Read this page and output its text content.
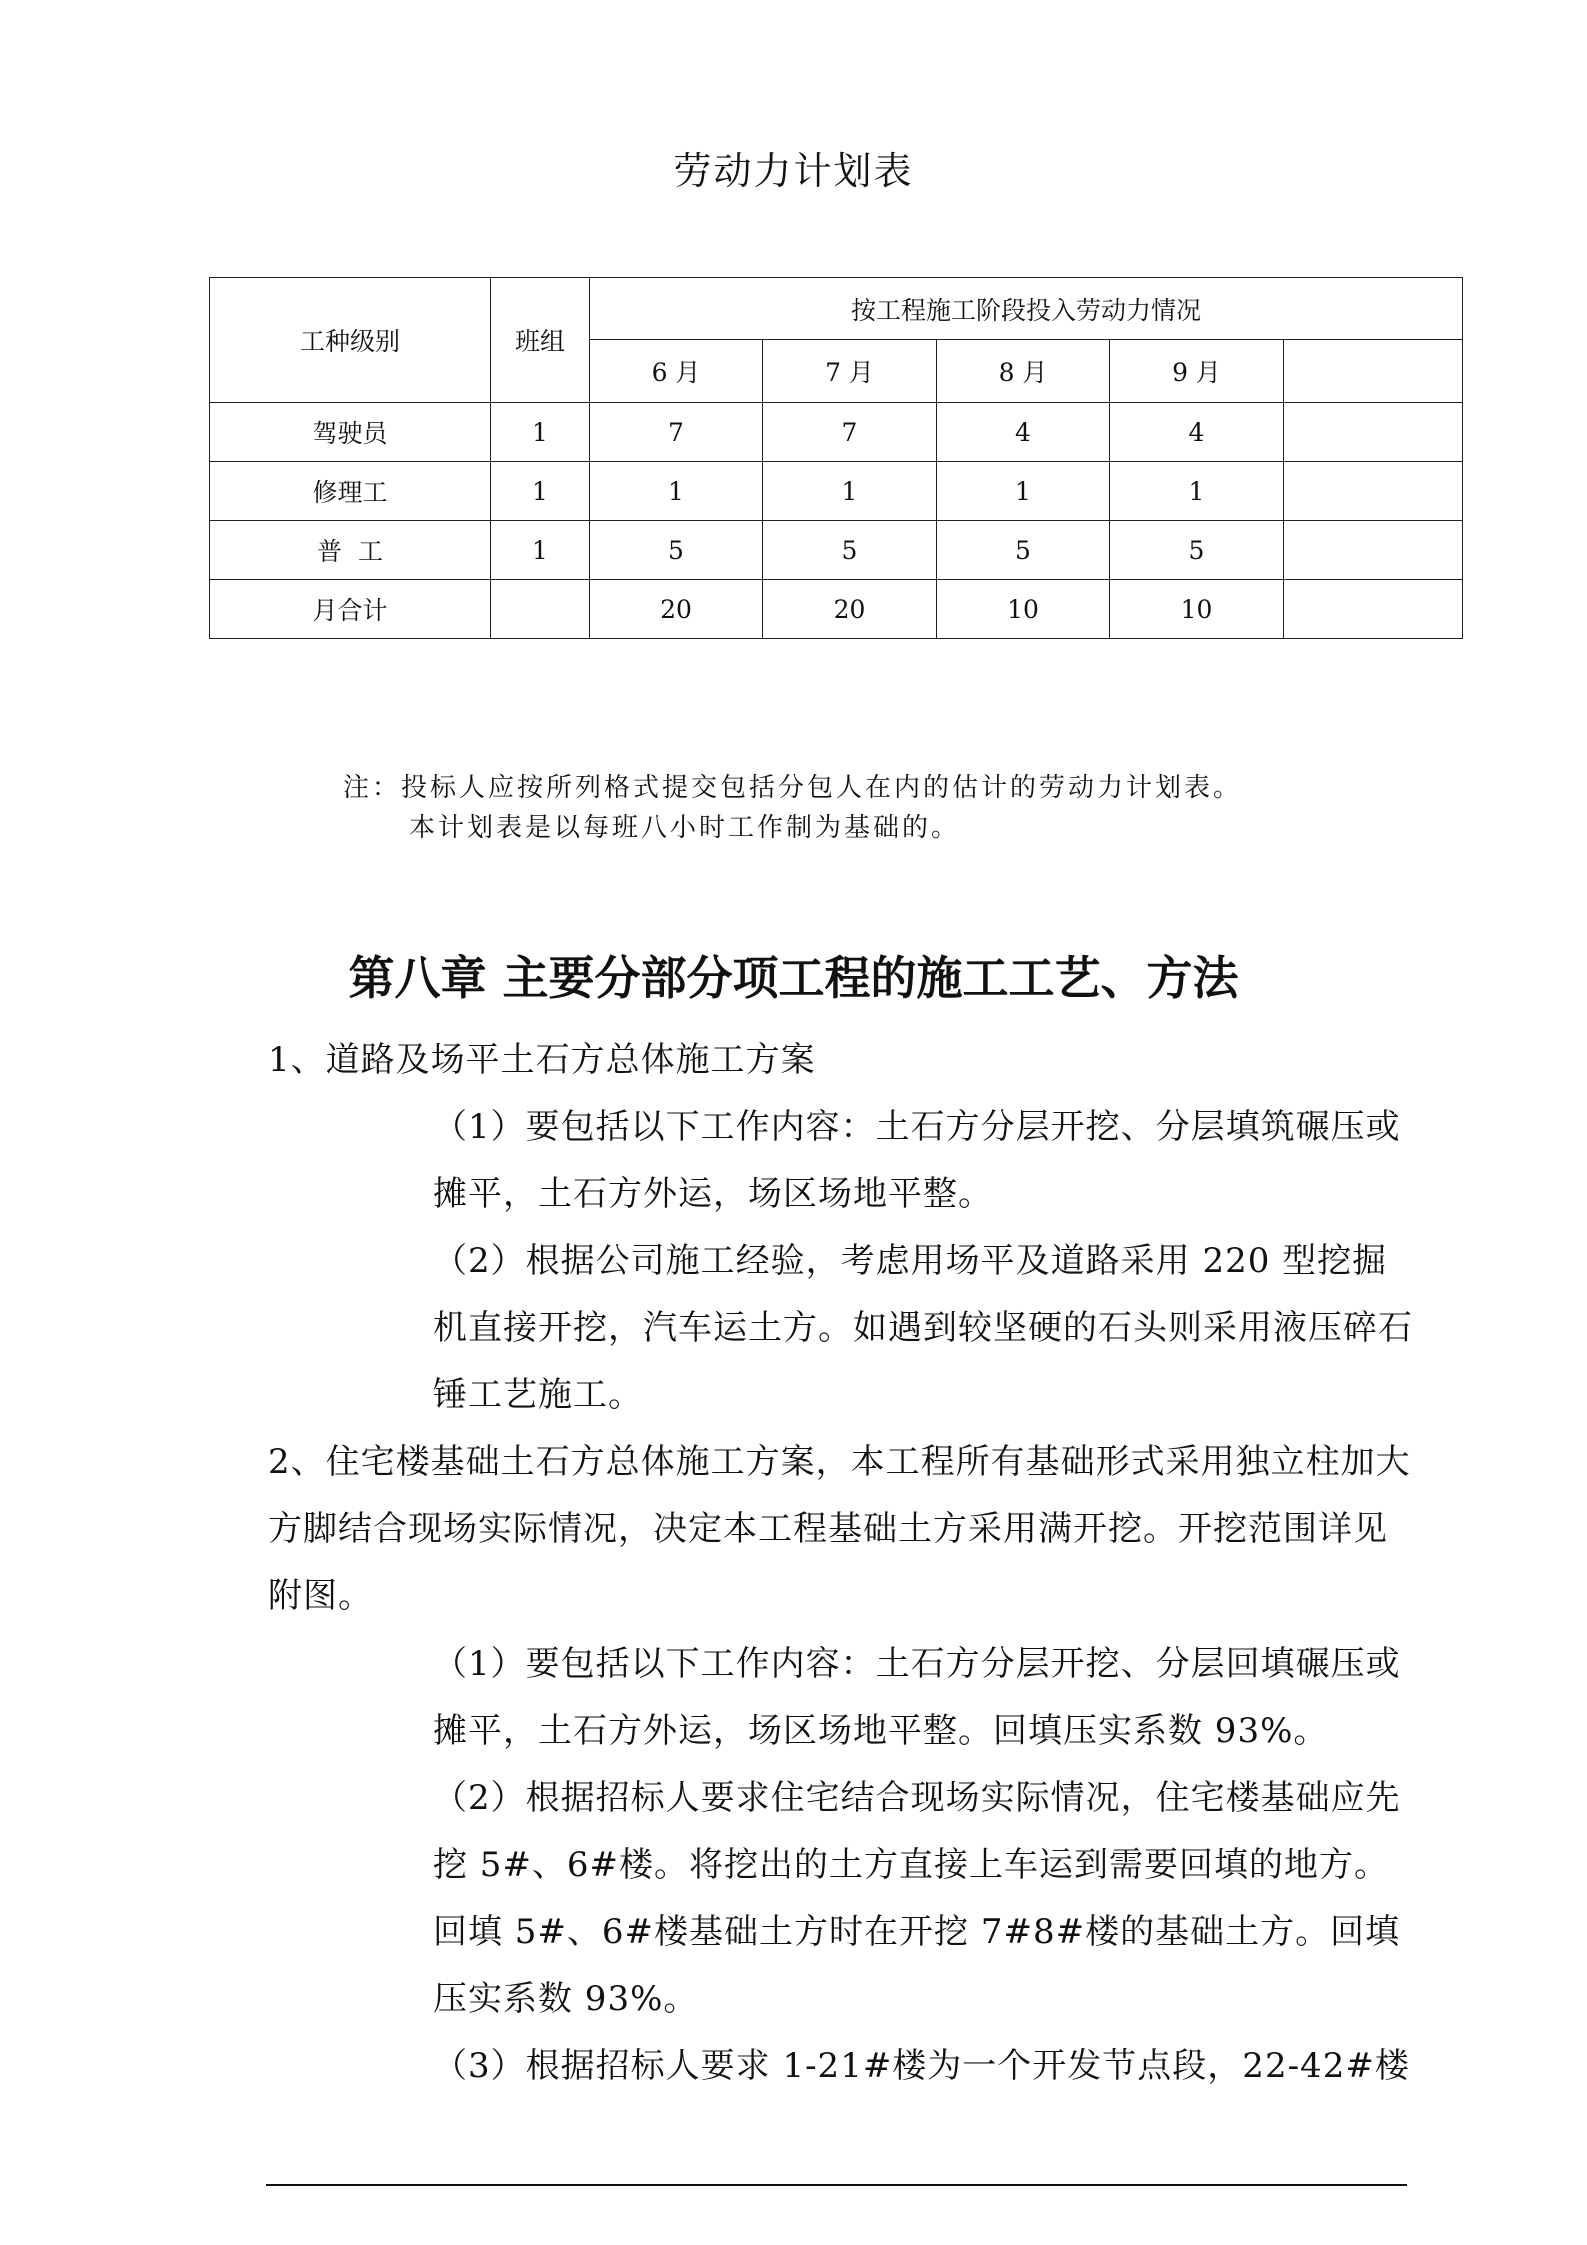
劳动力计划表
工种级别	班组	按工程施工阶段投入劳动力情况				
		6 月	7 月	8 月	9 月	
驾驶员	1	7	7	4	4	
修理工	1	1	1	1	1	
普  工	1	5	5	5	5	
月合计		20	20	10	10	
注：投标人应按所列格式提交包括分包人在内的估计的劳动力计划表。
本计划表是以每班八小时工作制为基础的。
第八章 主要分部分项工程的施工工艺、方法
1、道路及场平土石方总体施工方案
（1）要包括以下工作内容：土石方分层开挖、分层填筑碾压或摊平，土石方外运，场区场地平整。
（2）根据公司施工经验，考虑用场平及道路采用 220 型挖掘机直接开挖，汽车运土方。如遇到较坚硬的石头则采用液压碎石锤工艺施工。
2、住宅楼基础土石方总体施工方案，本工程所有基础形式采用独立柱加大方脚结合现场实际情况，决定本工程基础土方采用满开挖。开挖范围详见附图。
（1）要包括以下工作内容：土石方分层开挖、分层回填碾压或摊平，土石方外运，场区场地平整。回填压实系数 93%。
（2）根据招标人要求住宅结合现场实际情况，住宅楼基础应先挖 5#、6#楼。将挖出的土方直接上车运到需要回填的地方。回填 5#、6#楼基础土方时在开挖 7#8#楼的基础土方。回填压实系数 93%。
（3）根据招标人要求 1-21#楼为一个开发节点段，22-42#楼
